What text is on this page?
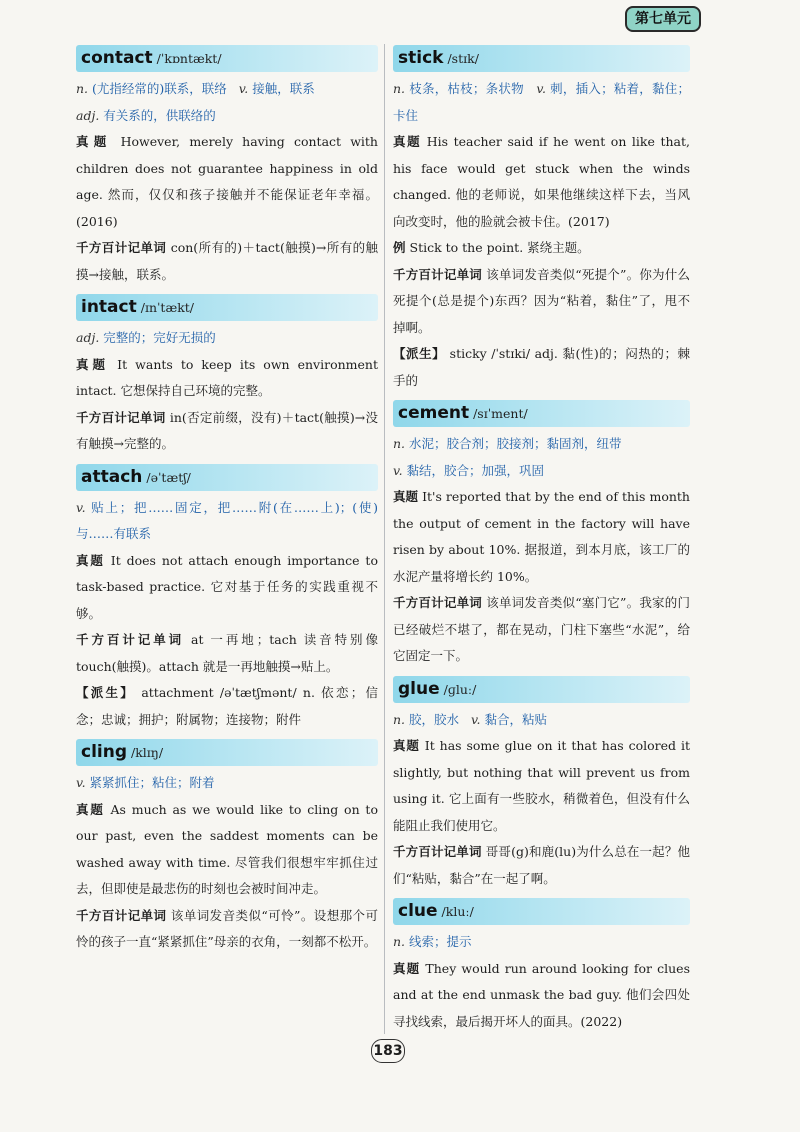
第七单元
contact /ˈkɒntækt/
n. (尤指经常的)联系，联络 v. 接触，联系
adj. 有关系的，供联络的
真题 However, merely having contact with children does not guarantee happiness in old age. 然而，仅仅和孩子接触并不能保证老年幸福。(2016)
千方百计记单词 con(所有的)＋tact(触摸)→所有的触摸→接触，联系。
intact /ɪnˈtækt/
adj. 完整的；完好无损的
真题 It wants to keep its own environment intact. 它想保持自己环境的完整。
千方百计记单词 in(否定前缀，没有)＋tact(触摸)→没有触摸→完整的。
attach /əˈtætʃ/
v. 贴上；把……固定，把……附(在……上)；(使)与……有联系
真题 It does not attach enough importance to task-based practice. 它对基于任务的实践重视不够。
千方百计记单词 at 一再地；tach 读音特别像 touch(触摸)。attach 就是一再地触摸→贴上。
【派生】 attachment /əˈtætʃmənt/ n. 依恋；信念；忠诚；拥护；附属物；连接物；附件
cling /klɪŋ/
v. 紧紧抓住；粘住；附着
真题 As much as we would like to cling on to our past, even the saddest moments can be washed away with time. 尽管我们很想牢牢抓住过去，但即使是最悲伤的时刻也会被时间冲走。
千方百计记单词 该单词发音类似“可怜”。设想那个可怜的孩子一直“紧紧抓住”母亲的衣角，一刻都不松开。
stick /stɪk/
n. 枝条，枯枝；条状物 v. 刺，插入；粘着，黏住；卡住
真题 His teacher said if he went on like that, his face would get stuck when the winds changed. 他的老师说，如果他继续这样下去，当风向改变时，他的脸就会被卡住。(2017)
例 Stick to the point. 紧绕主题。
千方百计记单词 该单词发音类似“死提个”。你为什么死提个(总是提个)东西？因为“粘着，黏住”了，甩不掉啊。
【派生】 sticky /ˈstɪki/ adj. 黏(性)的；闷热的；棘手的
cement /sɪˈment/
n. 水泥；胶合剂；胶接剂；黏固剂，纽带
v. 黏结，胶合；加强，巩固
真题 It's reported that by the end of this month the output of cement in the factory will have risen by about 10%. 据报道，到本月底，该工厂的水泥产量将增长约 10%。
千方百计记单词 该单词发音类似“塞门它”。我家的门已经破烂不堪了，都在晃动，门柱下塞些“水泥”，给它固定一下。
glue /ɡluː/
n. 胶，胶水 v. 黏合，粘贴
真题 It has some glue on it that has colored it slightly, but nothing that will prevent us from using it. 它上面有一些胶水，稍微着色，但没有什么能阻止我们使用它。
千方百计记单词 哥哥(g)和鹿(lu)为什么总在一起？他们“粘贴，黏合”在一起了啊。
clue /kluː/
n. 线索；提示
真题 They would run around looking for clues and at the end unmask the bad guy. 他们会四处寻找线索，最后揭开坏人的面具。(2022)
183
